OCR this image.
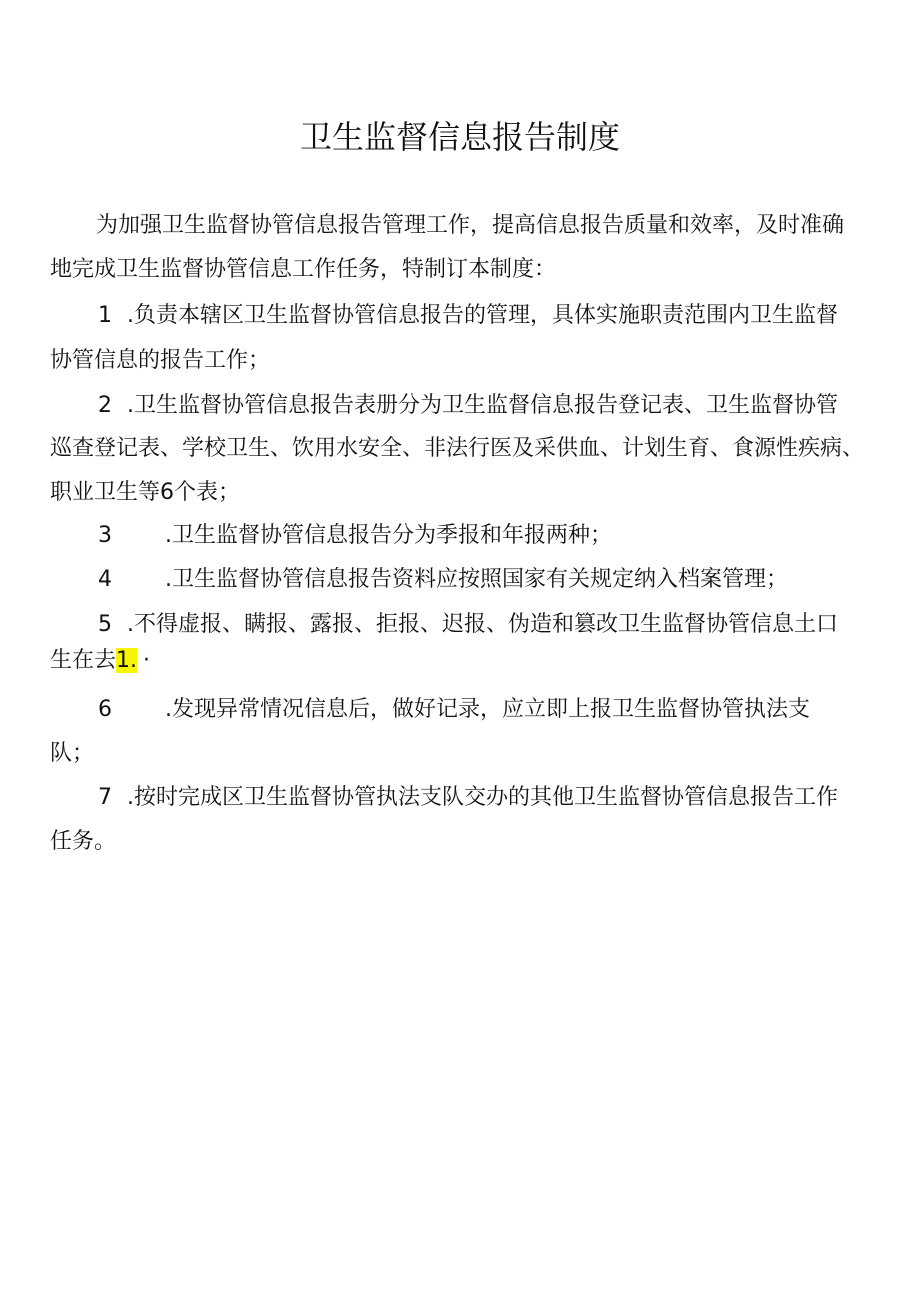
卫生监督信息报告制度
为加强卫生监督协管信息报告管理工作，提高信息报告质量和效率，及时准确
地完成卫生监督协管信息工作任务，特制订本制度：
1 .负责本辖区卫生监督协管信息报告的管理，具体实施职责范围内卫生监督
协管信息的报告工作；
2 .卫生监督协管信息报告表册分为卫生监督信息报告登记表、卫生监督协管
巡查登记表、学校卫生、饮用水安全、非法行医及采供血、计划生育、食源性疾病、
职业卫生等6个表；
3 .卫生监督协管信息报告分为季报和年报两种；
4 .卫生监督协管信息报告资料应按照国家有关规定纳入档案管理；
5 .不得虚报、瞒报、露报、拒报、迟报、伪造和篡改卫生监督协管信息土口
生在去1. ·
6 .发现异常情况信息后，做好记录，应立即上报卫生监督协管执法支
队；
7 .按时完成区卫生监督协管执法支队交办的其他卫生监督协管信息报告工作
任务。
